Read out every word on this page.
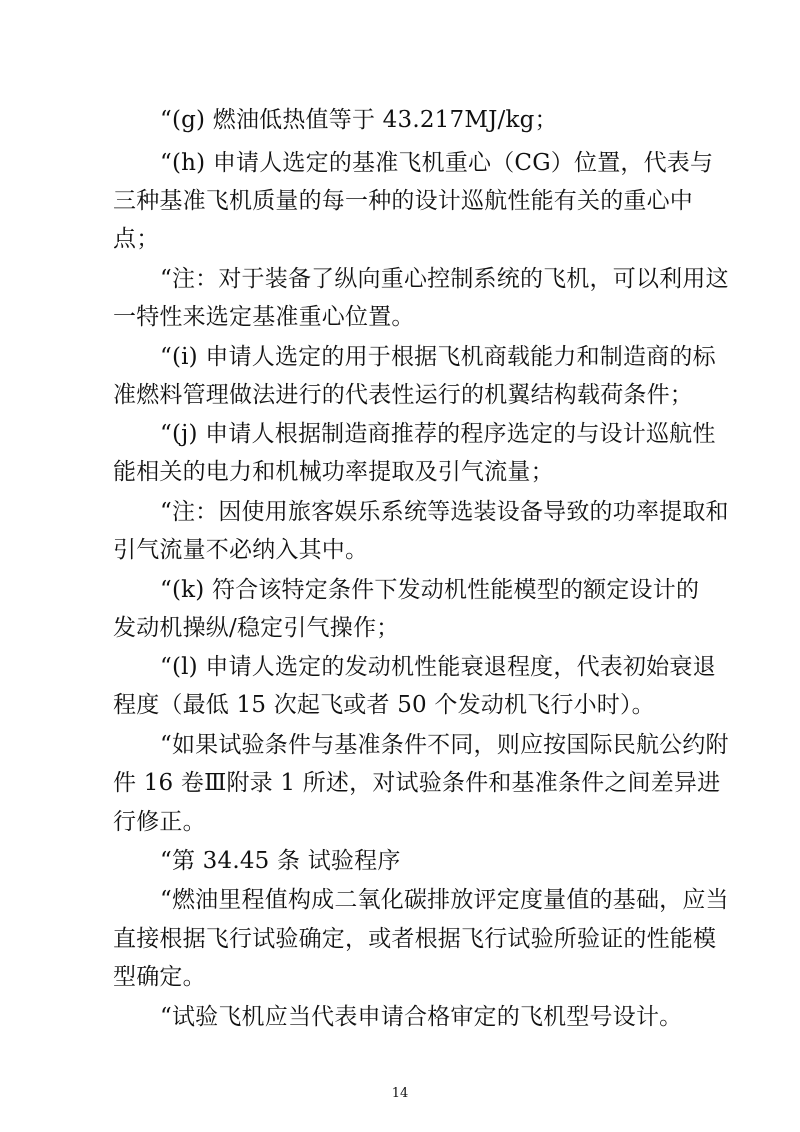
“(g) 燃油低热值等于 43.217MJ/kg；
“(h) 申请人选定的基准飞机重心（CG）位置，代表与
三种基准飞机质量的每一种的设计巡航性能有关的重心中
点；
“注：对于装备了纵向重心控制系统的飞机，可以利用这
一特性来选定基准重心位置。
“(i) 申请人选定的用于根据飞机商载能力和制造商的标
准燃料管理做法进行的代表性运行的机翼结构载荷条件；
“(j) 申请人根据制造商推荐的程序选定的与设计巡航性
能相关的电力和机械功率提取及引气流量；
“注：因使用旅客娱乐系统等选装设备导致的功率提取和
引气流量不必纳入其中。
“(k) 符合该特定条件下发动机性能模型的额定设计的
发动机操纵/稳定引气操作；
“(l) 申请人选定的发动机性能衰退程度，代表初始衰退
程度（最低 15 次起飞或者 50 个发动机飞行小时）。
“如果试验条件与基准条件不同，则应按国际民航公约附
件 16 卷Ⅲ附录 1 所述，对试验条件和基准条件之间差异进
行修正。
“第 34.45 条 试验程序
“燃油里程值构成二氧化碳排放评定度量值的基础，应当
直接根据飞行试验确定，或者根据飞行试验所验证的性能模
型确定。
“试验飞机应当代表申请合格审定的飞机型号设计。
14
